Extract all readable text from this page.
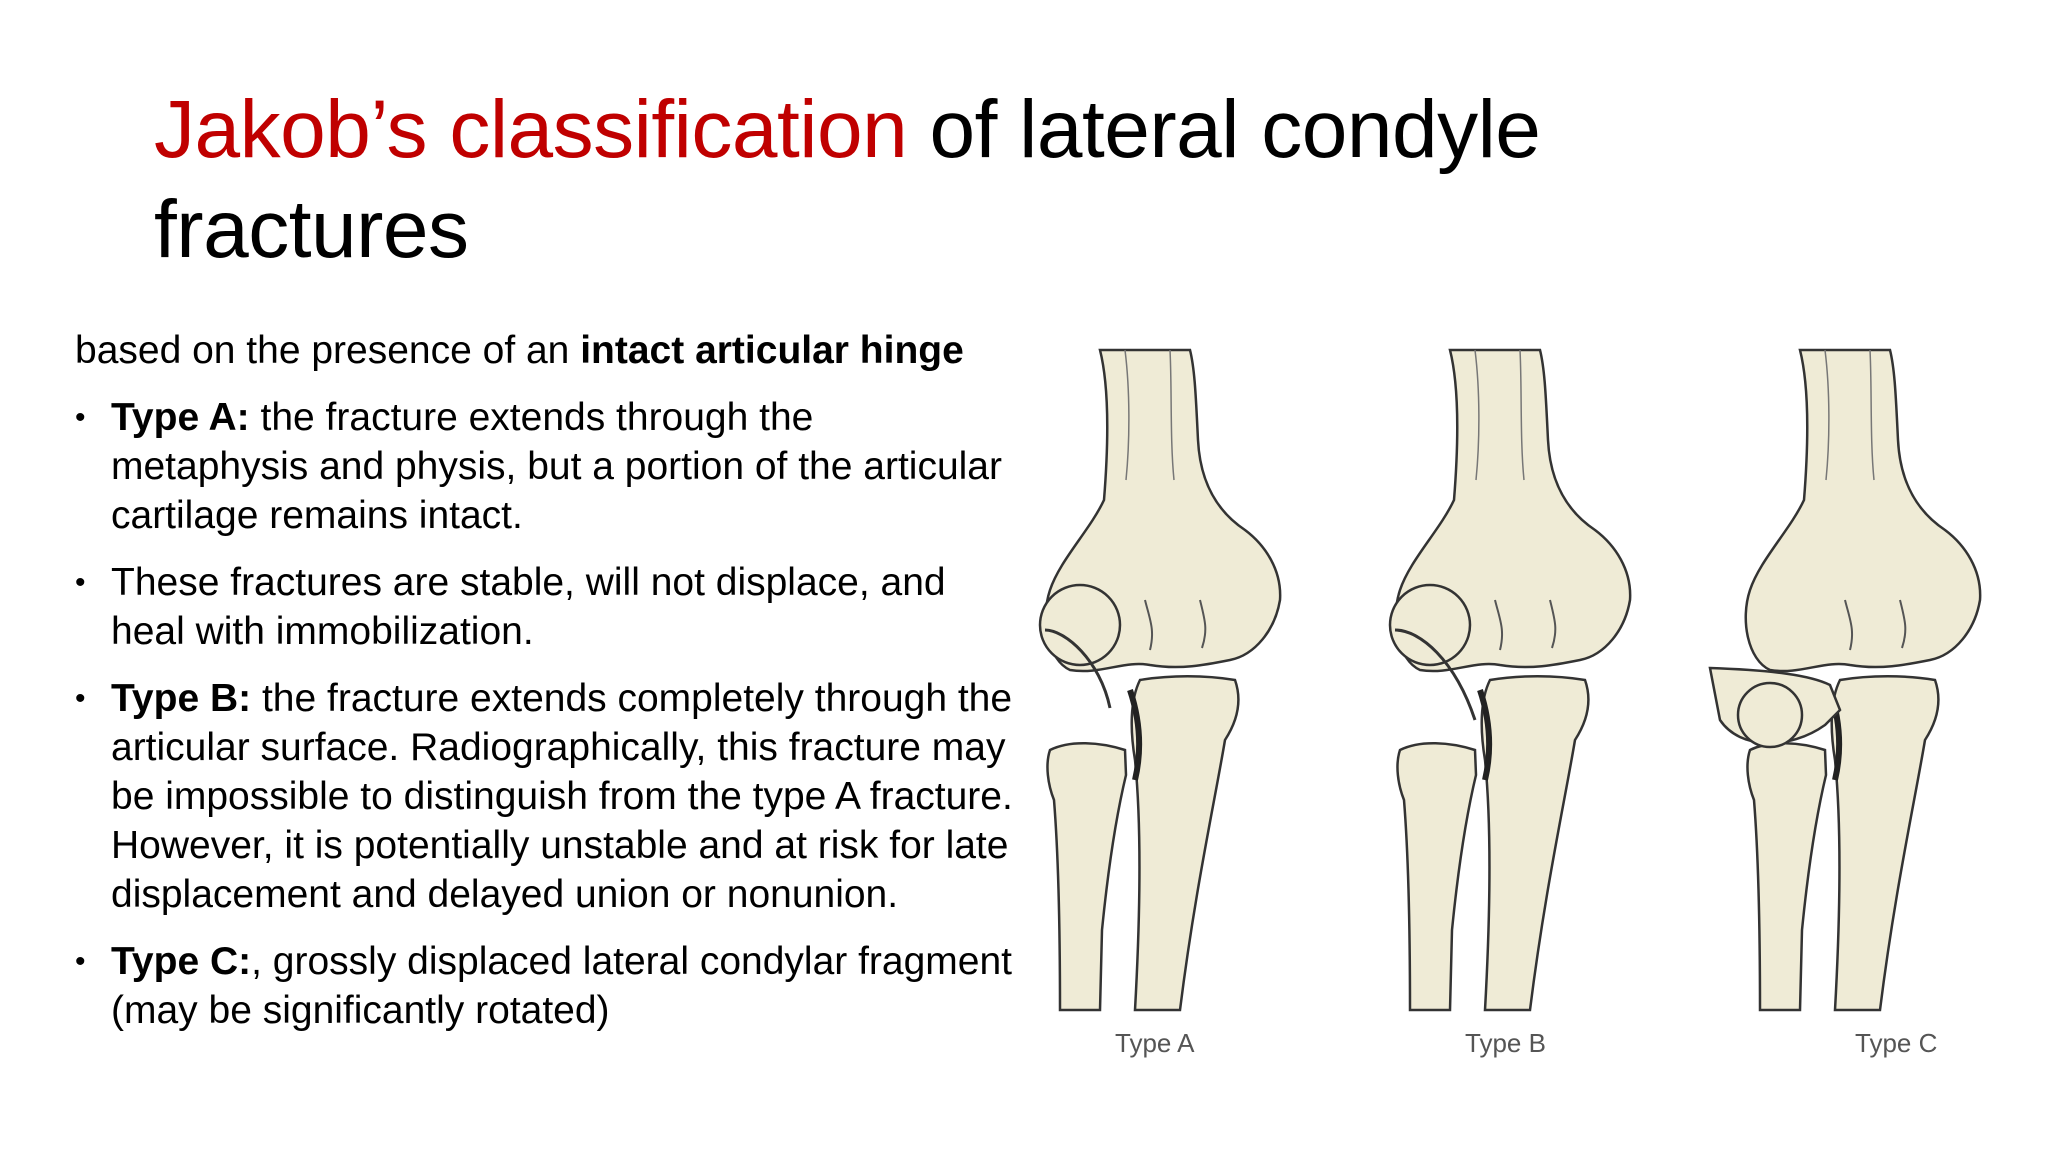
Jakob’s classification of lateral condyle fractures

based on the presence of an intact articular hinge

• Type A: the fracture extends through the metaphysis and physis, but a portion of the articular cartilage remains intact.
• These fractures are stable, will not displace, and heal with immobilization.
• Type B: the fracture extends completely through the articular surface. Radiographically, this fracture may be impossible to distinguish from the type A fracture. However, it is potentially unstable and at risk for late displacement and delayed union or nonunion.
• Type C:, grossly displaced lateral condylar fragment (may be significantly rotated)
Type A	Type B	Type C
